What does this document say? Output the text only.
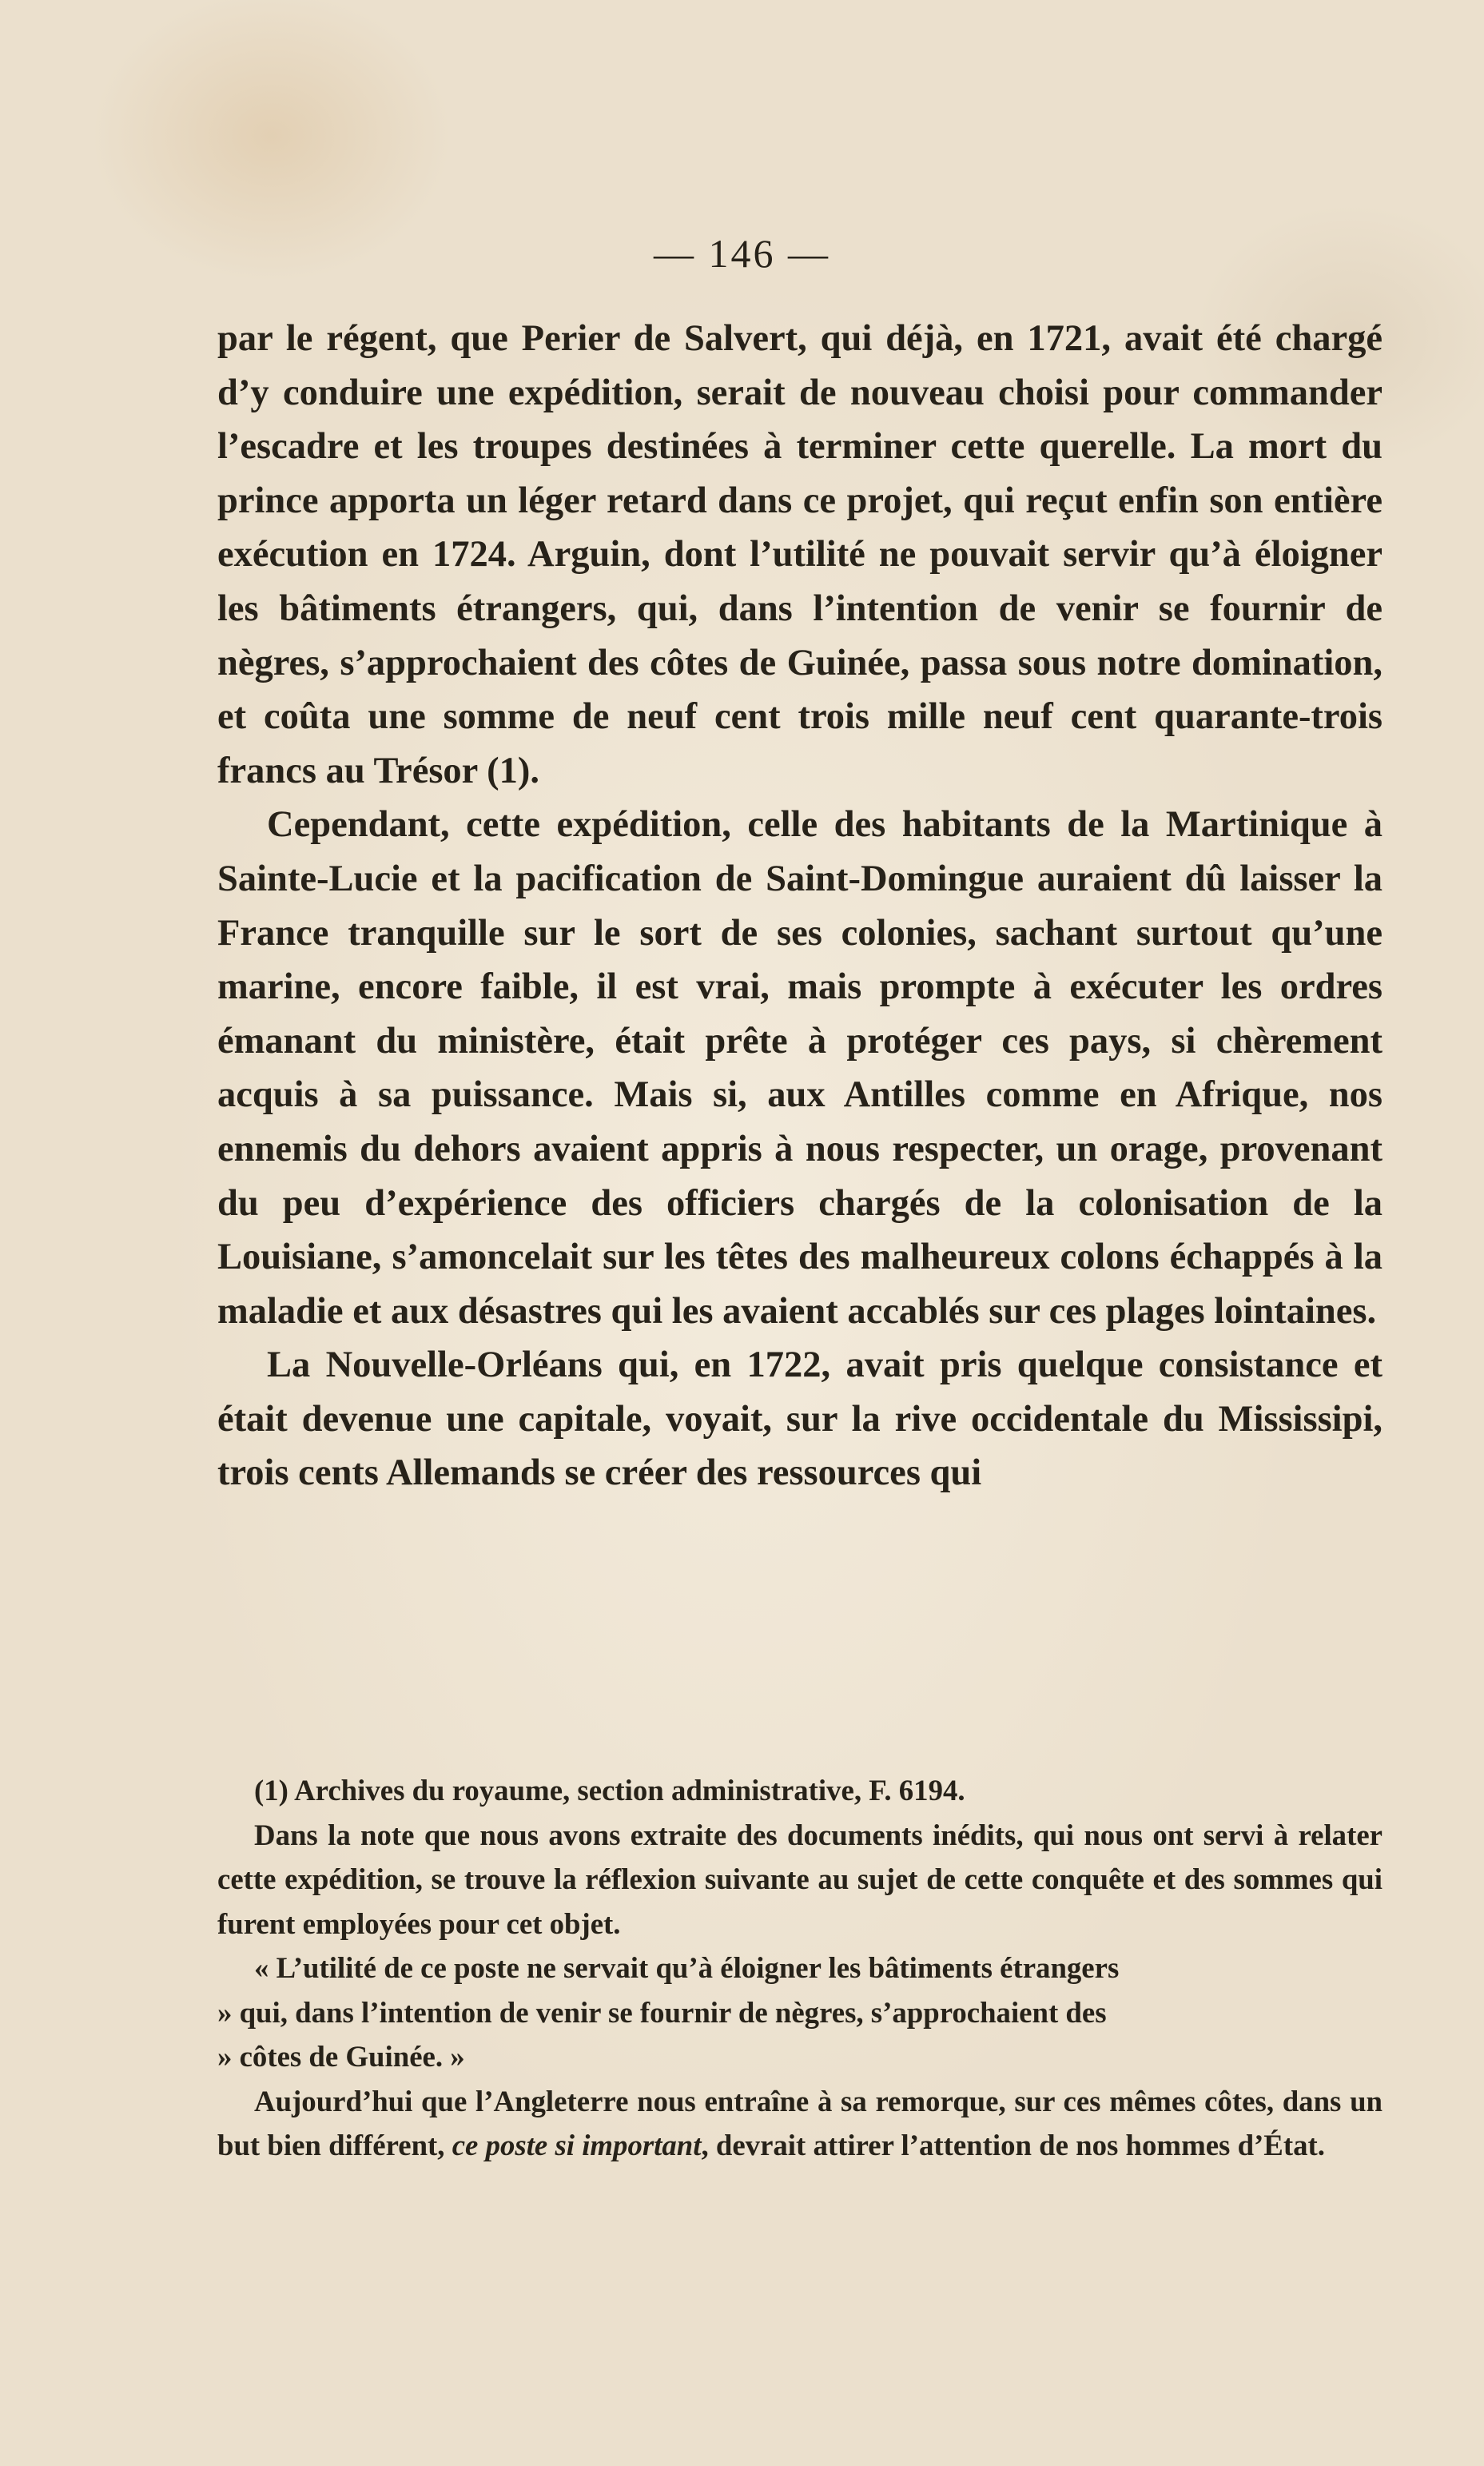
— 146 —

par le régent, que Perier de Salvert, qui déjà, en 1721, avait été chargé d’y conduire une expédition, serait de nouveau choisi pour commander l’escadre et les troupes destinées à terminer cette querelle. La mort du prince apporta un léger retard dans ce projet, qui reçut enfin son entière exécution en 1724. Arguin, dont l’utilité ne pouvait servir qu’à éloigner les bâtiments étrangers, qui, dans l’intention de venir se fournir de nègres, s’approchaient des côtes de Guinée, passa sous notre domination, et coûta une somme de neuf cent trois mille neuf cent quarante-trois francs au Trésor (1).

Cependant, cette expédition, celle des habitants de la Martinique à Sainte-Lucie et la pacification de Saint-Domingue auraient dû laisser la France tranquille sur le sort de ses colonies, sachant surtout qu’une marine, encore faible, il est vrai, mais prompte à exécuter les ordres émanant du ministère, était prête à protéger ces pays, si chèrement acquis à sa puissance. Mais si, aux Antilles comme en Afrique, nos ennemis du dehors avaient appris à nous respecter, un orage, provenant du peu d’expérience des officiers chargés de la colonisation de la Louisiane, s’amoncelait sur les têtes des malheureux colons échappés à la maladie et aux désastres qui les avaient accablés sur ces plages lointaines.

La Nouvelle-Orléans qui, en 1722, avait pris quelque consistance et était devenue une capitale, voyait, sur la rive occidentale du Mississipi, trois cents Allemands se créer des ressources qui

(1) Archives du royaume, section administrative, F. 6194.

Dans la note que nous avons extraite des documents inédits, qui nous ont servi à relater cette expédition, se trouve la réflexion suivante au sujet de cette conquête et des sommes qui furent employées pour cet objet.

« L’utilité de ce poste ne servait qu’à éloigner les bâtiments étrangers

» qui, dans l’intention de venir se fournir de nègres, s’approchaient des

» côtes de Guinée. »

Aujourd’hui que l’Angleterre nous entraîne à sa remorque, sur ces mêmes côtes, dans un but bien différent, ce poste si important, devrait attirer l’attention de nos hommes d’État.
